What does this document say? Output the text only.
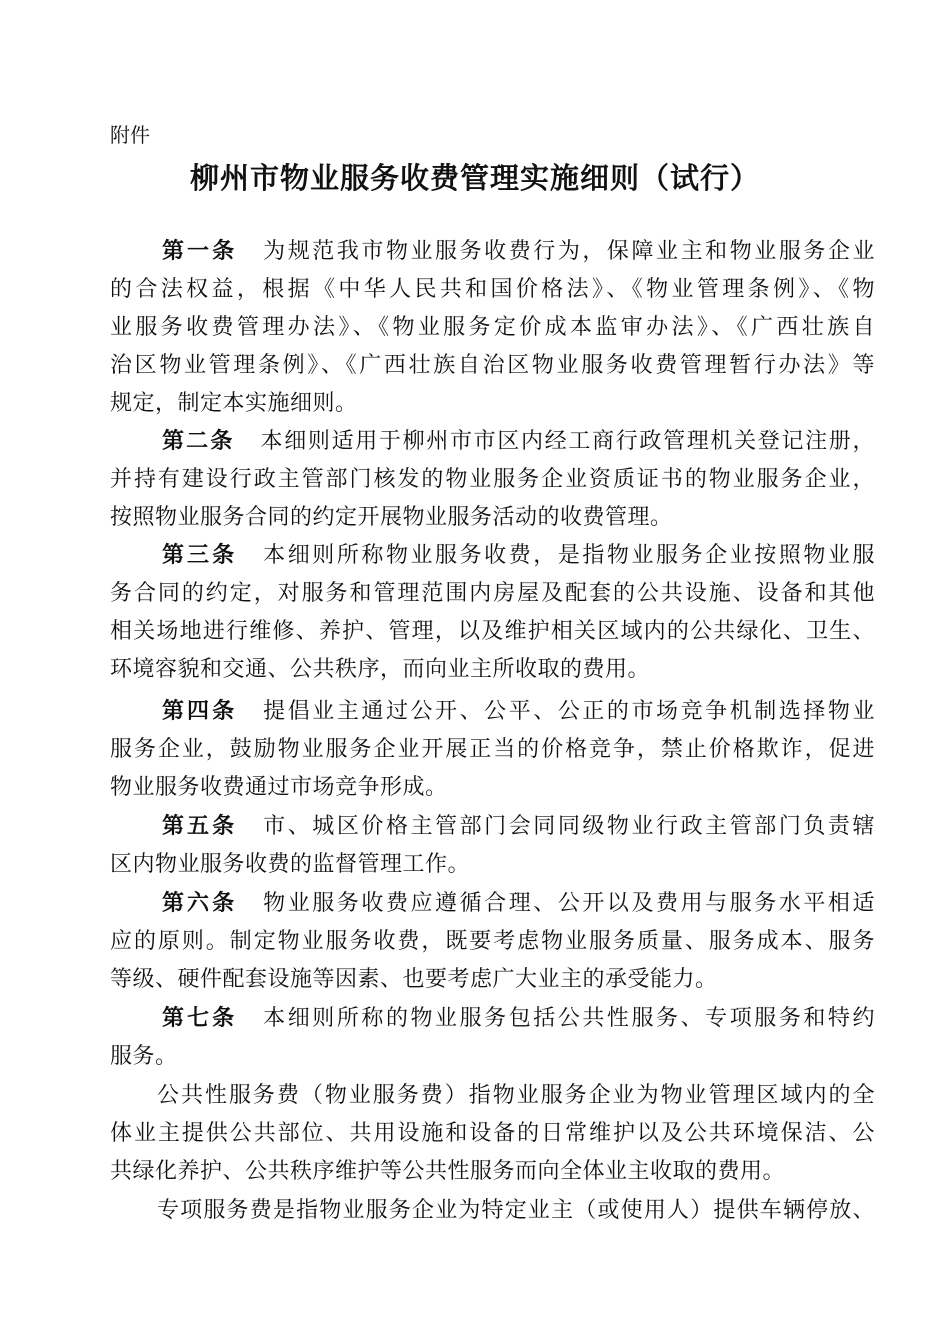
附件
柳州市物业服务收费管理实施细则（试行）
第一条 为规范我市物业服务收费行为，保障业主和物业服务企业
的合法权益，根据《中华人民共和国价格法》、《物业管理条例》、《物
业服务收费管理办法》、《物业服务定价成本监审办法》、《广西壮族自
治区物业管理条例》、《广西壮族自治区物业服务收费管理暂行办法》等
规定，制定本实施细则。
第二条 本细则适用于柳州市市区内经工商行政管理机关登记注册，
并持有建设行政主管部门核发的物业服务企业资质证书的物业服务企业，
按照物业服务合同的约定开展物业服务活动的收费管理。
第三条 本细则所称物业服务收费，是指物业服务企业按照物业服
务合同的约定，对服务和管理范围内房屋及配套的公共设施、设备和其他
相关场地进行维修、养护、管理，以及维护相关区域内的公共绿化、卫生、
环境容貌和交通、公共秩序，而向业主所收取的费用。
第四条 提倡业主通过公开、公平、公正的市场竞争机制选择物业
服务企业，鼓励物业服务企业开展正当的价格竞争，禁止价格欺诈，促进
物业服务收费通过市场竞争形成。
第五条 市、城区价格主管部门会同同级物业行政主管部门负责辖
区内物业服务收费的监督管理工作。
第六条 物业服务收费应遵循合理、公开以及费用与服务水平相适
应的原则。制定物业服务收费，既要考虑物业服务质量、服务成本、服务
等级、硬件配套设施等因素、也要考虑广大业主的承受能力。
第七条 本细则所称的物业服务包括公共性服务、专项服务和特约
服务。
公共性服务费（物业服务费）指物业服务企业为物业管理区域内的全
体业主提供公共部位、共用设施和设备的日常维护以及公共环境保洁、公
共绿化养护、公共秩序维护等公共性服务而向全体业主收取的费用。
专项服务费是指物业服务企业为特定业主（或使用人）提供车辆停放、
